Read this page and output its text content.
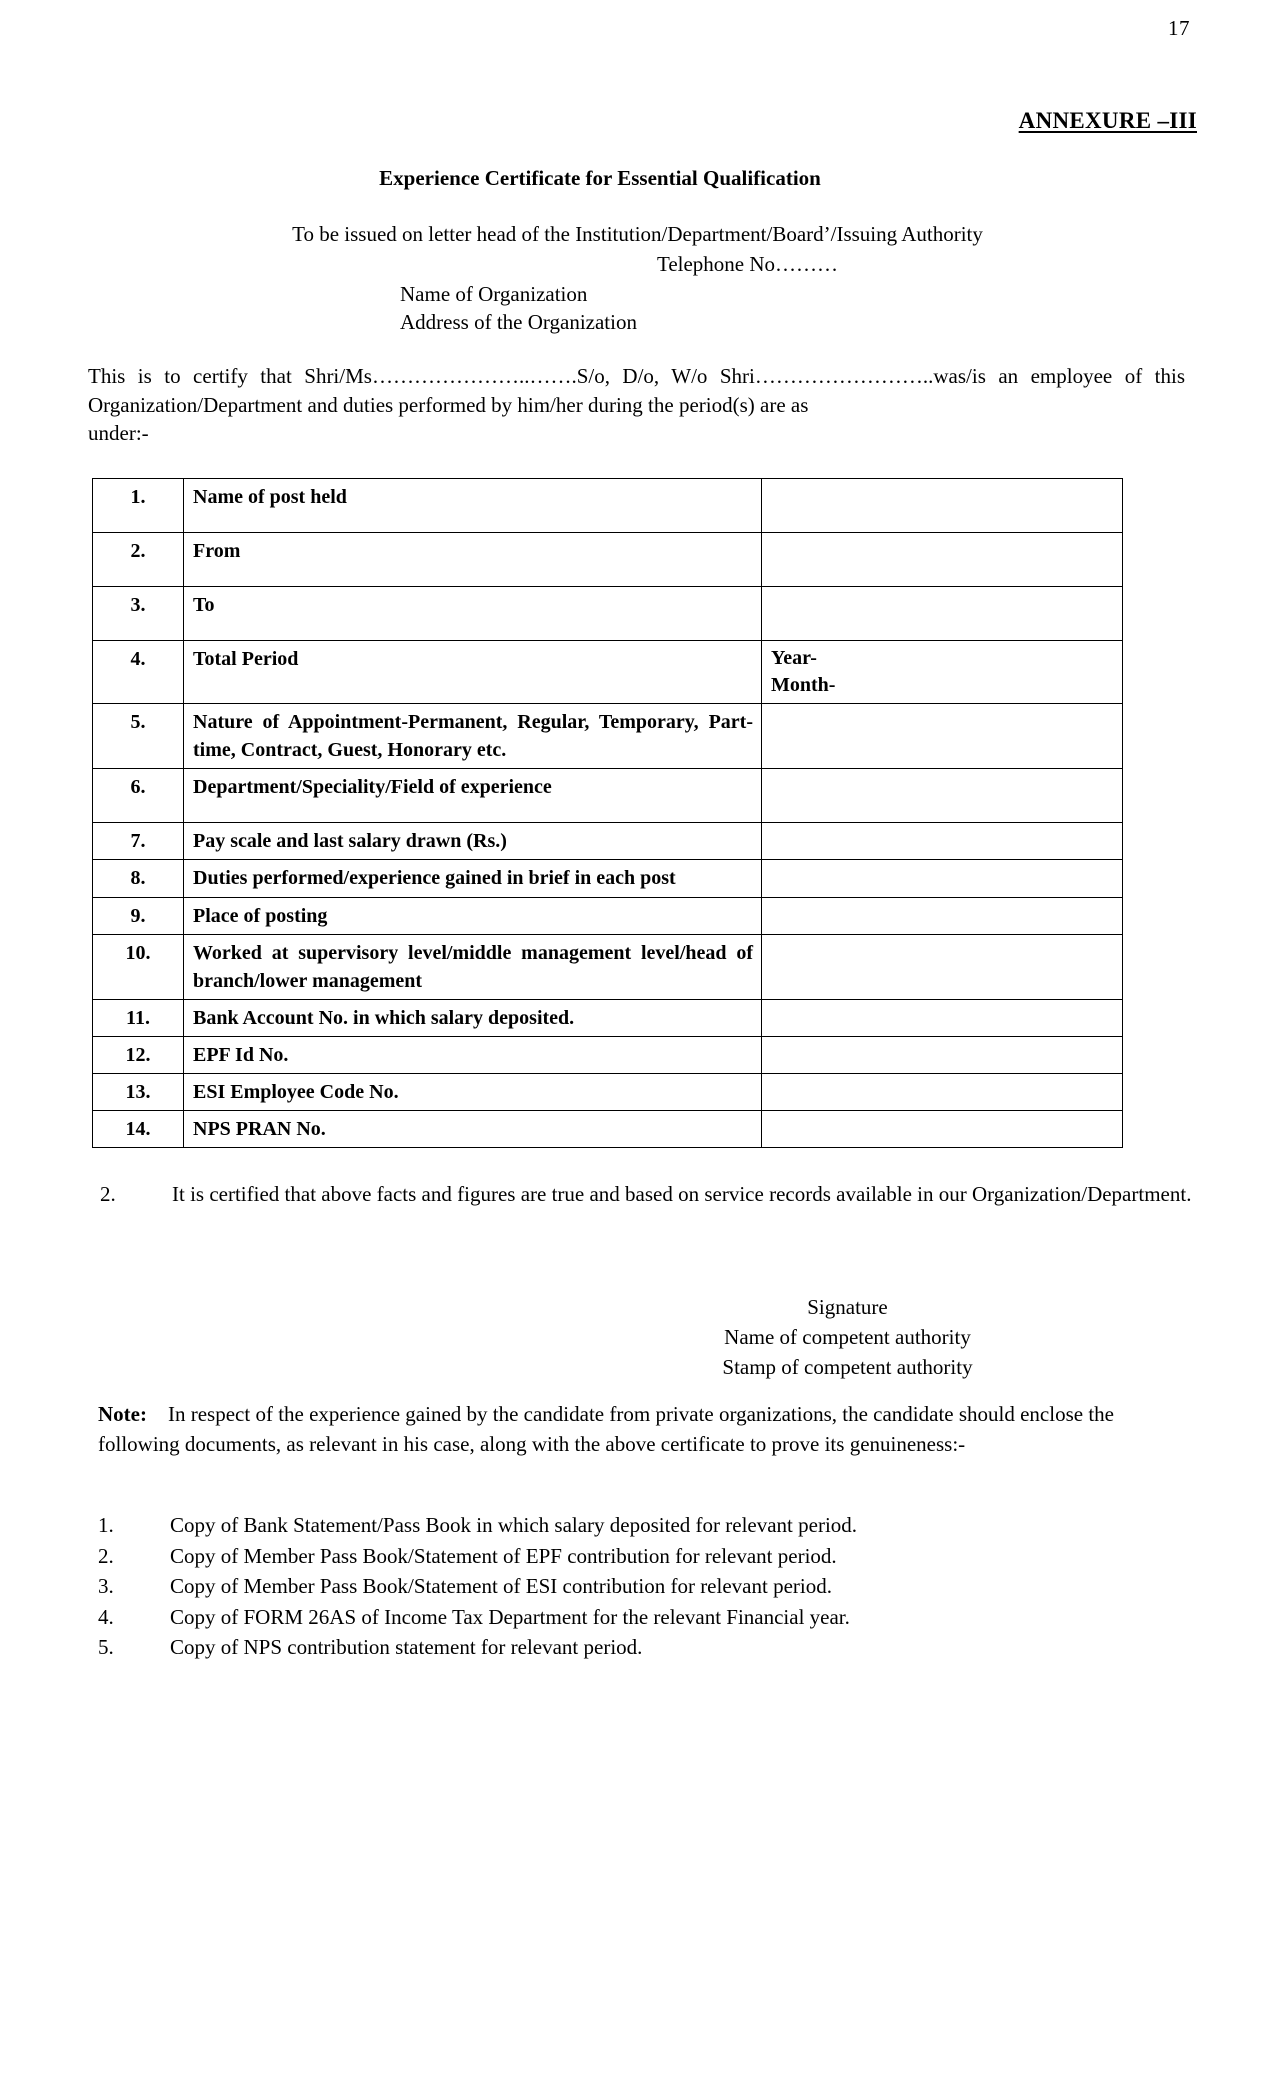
17
ANNEXURE –III
Experience Certificate for Essential Qualification
To be issued on letter head of the Institution/Department/Board’/Issuing Authority
Telephone No………
Name of Organization
Address of the Organization
This is to certify that Shri/Ms…………………..…….S/o, D/o, W/o Shri……………………..was/is an employee of this Organization/Department and duties performed by him/her during the period(s) are as
under:-
1.	Name of post held	
2.	From	
3.	To	
4.	Total Period	Year-
Month-

5.	Nature of Appointment-Permanent, Regular, Temporary, Part-time, Contract, Guest, Honorary etc.	
6.	Department/Speciality/Field of experience	
7.	Pay scale and last salary drawn (Rs.)	
8.	Duties performed/experience gained in brief in each post	
9.	Place of posting	
10.	Worked at supervisory level/middle management level/head of branch/lower management	
11.	Bank Account No. in which salary deposited.	
12.	EPF Id No.	
13.	ESI Employee Code No.	
14.	NPS PRAN No.	
2.	It is certified that above facts and figures are true and based on service records available in our Organization/Department.
Signature
Name of competent authority
Stamp of competent authority
Note: In respect of the experience gained by the candidate from private organizations, the candidate should enclose the following documents, as relevant in his case, along with the above certificate to prove its genuineness:-
1.	Copy of Bank Statement/Pass Book in which salary deposited for relevant period.
2.	Copy of Member Pass Book/Statement of EPF contribution for relevant period.
3.	Copy of Member Pass Book/Statement of ESI contribution for relevant period.
4.	Copy of FORM 26AS of Income Tax Department for the relevant Financial year.
5.	Copy of NPS contribution statement for relevant period.
